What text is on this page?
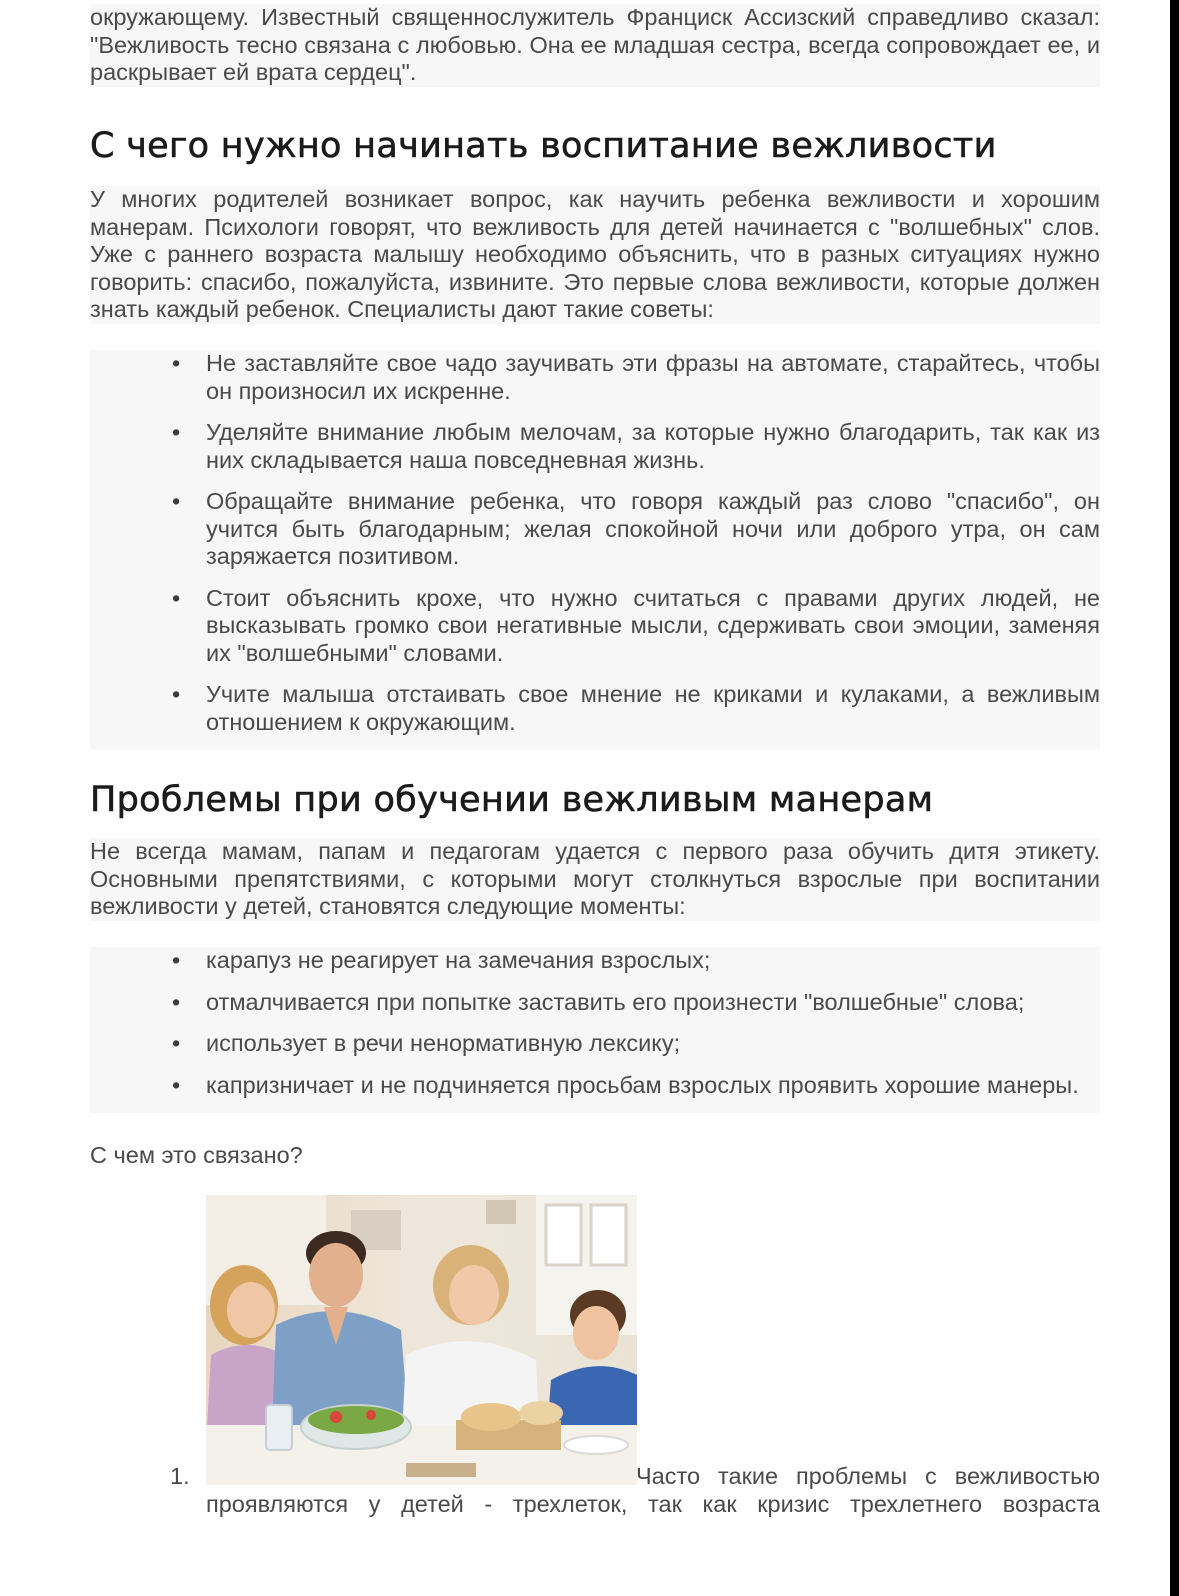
окружающему. Известный священнослужитель Франциск Ассизский справедливо сказал: "Вежливость тесно связана с любовью. Она ее младшая сестра, всегда сопровождает ее, и раскрывает ей врата сердец".

С чего нужно начинать воспитание вежливости

У многих родителей возникает вопрос, как научить ребенка вежливости и хорошим манерам. Психологи говорят, что вежливость для детей начинается с "волшебных" слов. Уже с раннего возраста малышу необходимо объяснить, что в разных ситуациях нужно говорить: спасибо, пожалуйста, извините. Это первые слова вежливости, которые должен знать каждый ребенок. Специалисты дают такие советы:

• Не заставляйте свое чадо заучивать эти фразы на автомате, старайтесь, чтобы он произносил их искренне.
• Уделяйте внимание любым мелочам, за которые нужно благодарить, так как из них складывается наша повседневная жизнь.
• Обращайте внимание ребенка, что говоря каждый раз слово "спасибо", он учится быть благодарным; желая спокойной ночи или доброго утра, он сам заряжается позитивом.
• Стоит объяснить крохе, что нужно считаться с правами других людей, не высказывать громко свои негативные мысли, сдерживать свои эмоции, заменяя их "волшебными" словами.
• Учите малыша отстаивать свое мнение не криками и кулаками, а вежливым отношением к окружающим.
Проблемы при обучении вежливым манерам

Не всегда мамам, папам и педагогам удается с первого раза обучить дитя этикету. Основными препятствиями, с которыми могут столкнуться взрослые при воспитании вежливости у детей, становятся следующие моменты:

• карапуз не реагирует на замечания взрослых;
• отмалчивается при попытке заставить его произнести "волшебные" слова;
• использует в речи ненормативную лексику;
• капризничает и не подчиняется просьбам взрослых проявить хорошие манеры.

С чем это связано?

1.	Часто такие проблемы с вежливостью
проявляются у детей - трехлеток, так как кризис трехлетнего возраста
